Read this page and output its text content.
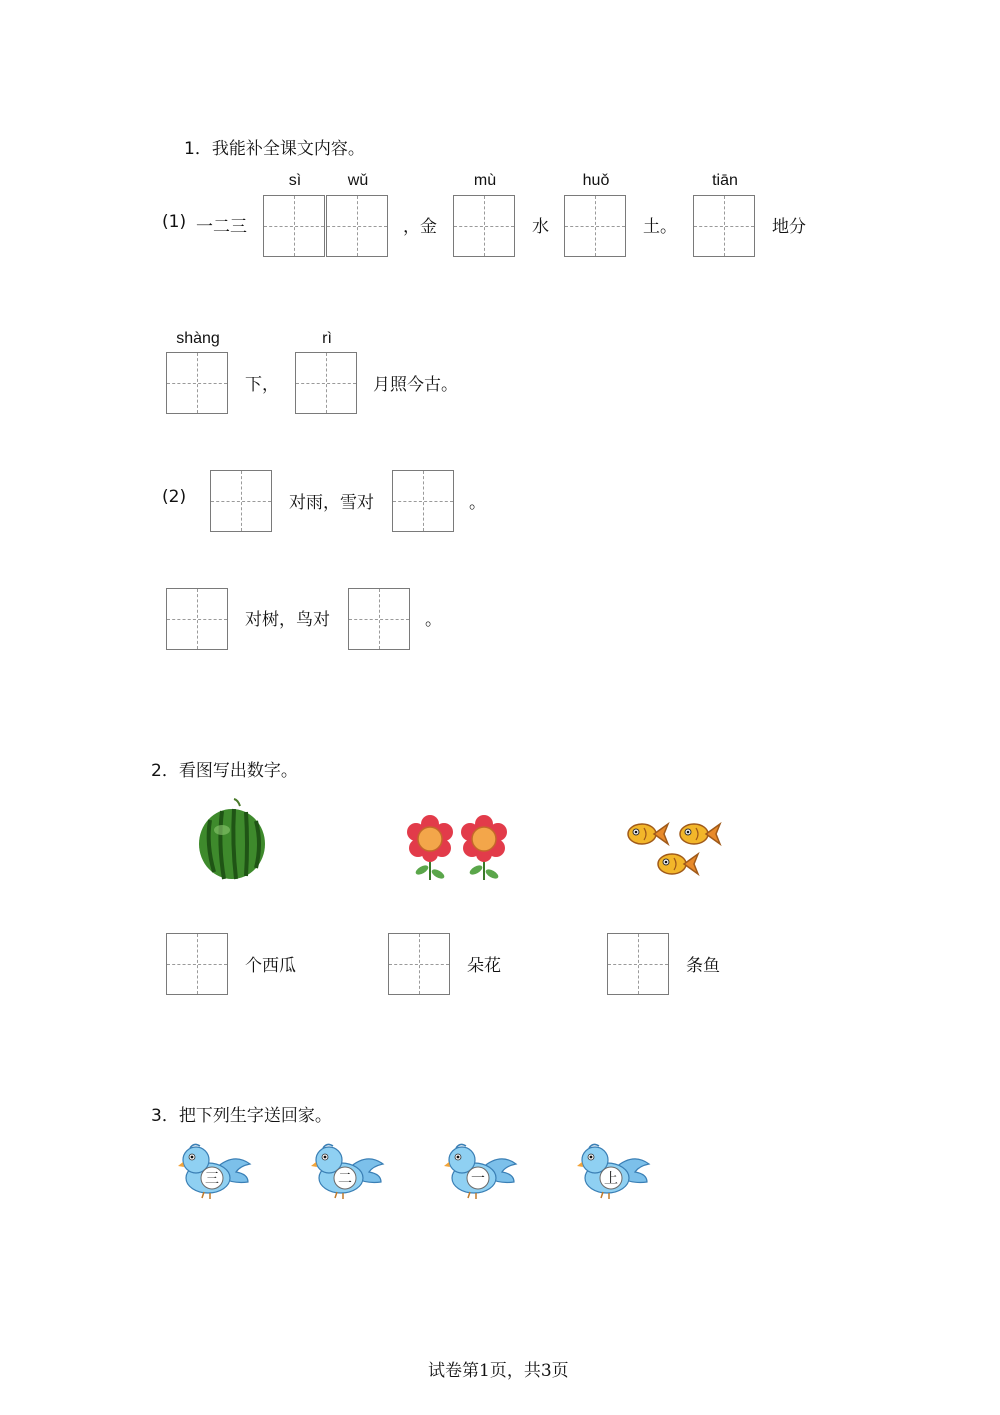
1．我能补全课文内容。
(1) 一二三
sì	wǔ
，金
mù
水
huǒ
土。
tiān
地分
shàng
下，
rì
月照今古。
(2)	对雨，雪对	。
对树，鸟对	。
2．看图写出数字。
个西瓜	朵花	条鱼
3．把下列生字送回家。
三	二	一	上
试卷第1页，共3页
